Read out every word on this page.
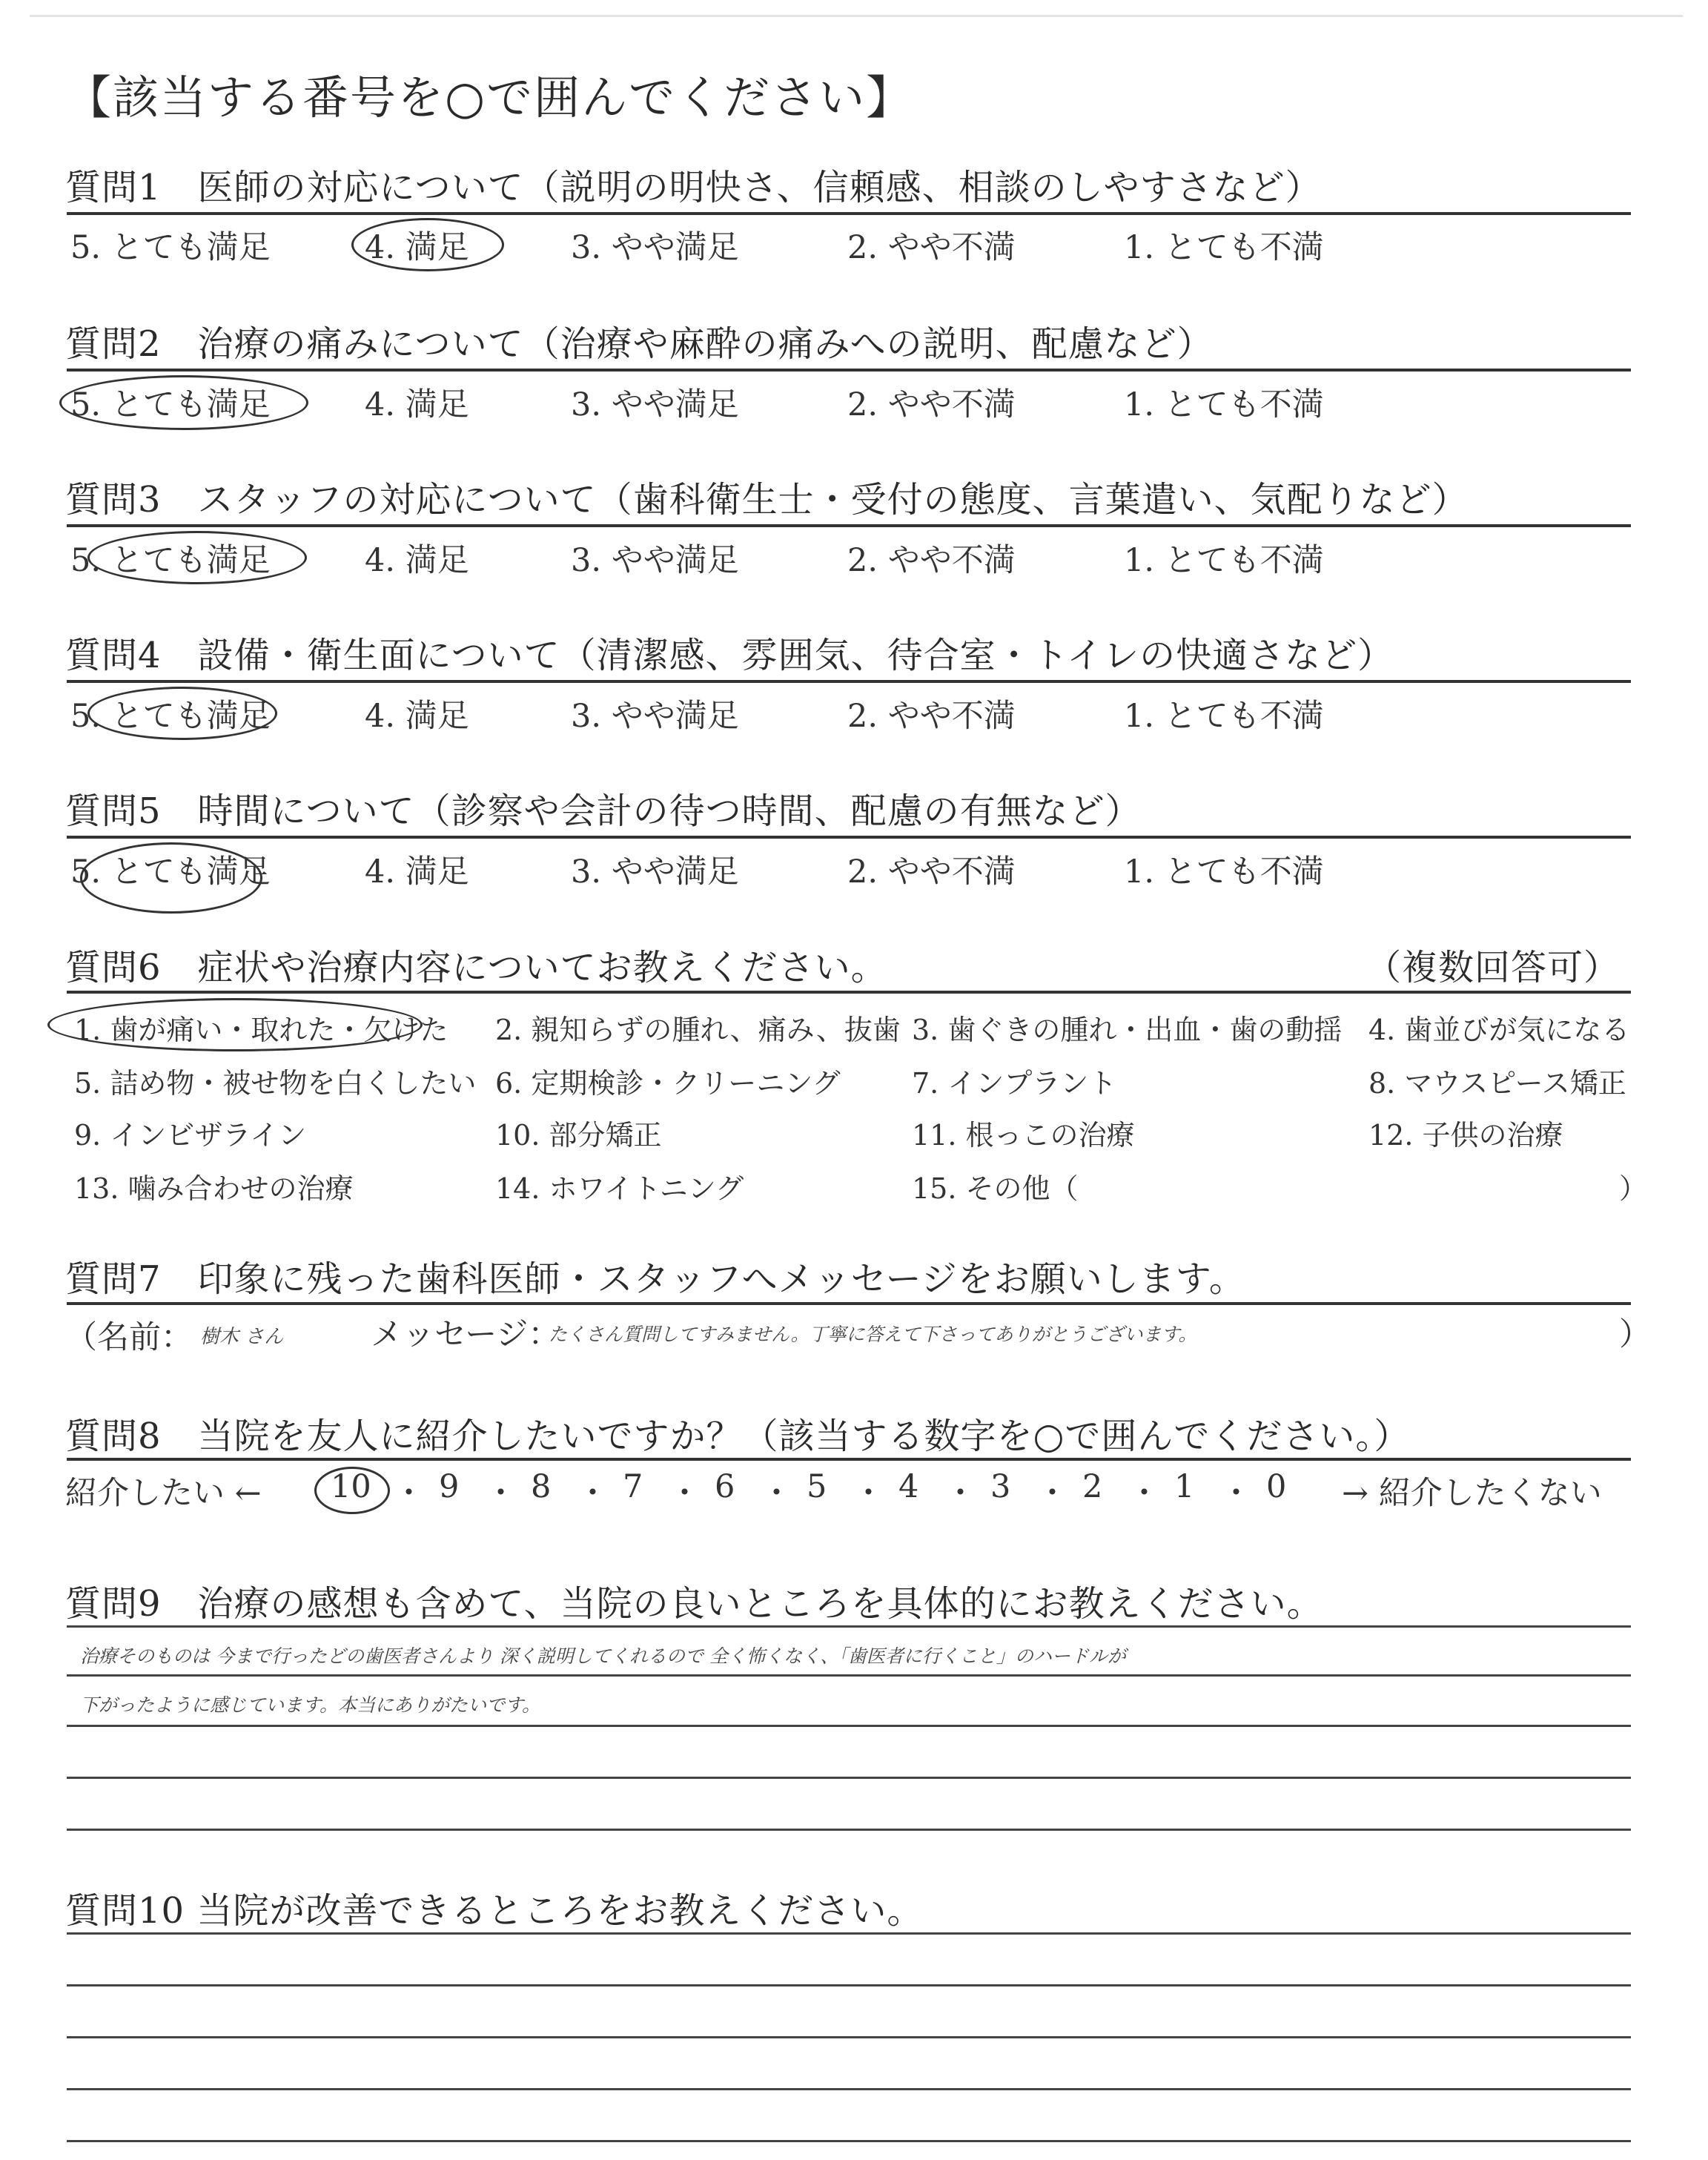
【該当する番号を○で囲んでください】
質問1　医師の対応について（説明の明快さ、信頼感、相談のしやすさなど）
5. とても満足	4. 満足	3. やや満足	2. やや不満	1. とても不満
質問2　治療の痛みについて（治療や麻酔の痛みへの説明、配慮など）
5. とても満足	4. 満足	3. やや満足	2. やや不満	1. とても不満
質問3　スタッフの対応について（歯科衛生士・受付の態度、言葉遣い、気配りなど）
5. とても満足	4. 満足	3. やや満足	2. やや不満	1. とても不満
質問4　設備・衛生面について（清潔感、雰囲気、待合室・トイレの快適さなど）
5. とても満足	4. 満足	3. やや満足	2. やや不満	1. とても不満
質問5　時間について（診察や会計の待つ時間、配慮の有無など）
5. とても満足	4. 満足	3. やや満足	2. やや不満	1. とても不満
質問6　症状や治療内容についてお教えください。	（複数回答可）
1. 歯が痛い・取れた・欠けた 2. 親知らずの腫れ、痛み、抜歯 3. 歯ぐきの腫れ・出血・歯の動揺 4. 歯並びが気になる
5. 詰め物・被せ物を白くしたい 6. 定期検診・クリーニング	7. インプラント	8. マウスピース矯正
9. インビザライン	10. 部分矯正	11. 根っこの治療	12. 子供の治療
13. 噛み合わせの治療	14. ホワイトニング	15. その他（	）
質問7　印象に残った歯科医師・スタッフへメッセージをお願いします。
（名前： 樹木 さん	メッセージ：
たくさん質問してすみません。丁寧に答えて下さってありがとうございます。	）
質問8　当院を友人に紹介したいですか？（該当する数字を○で囲んでください。）
紹介したい ←	→ 紹介したくない
10 ・ 9 ・ 8 ・ 7 ・ 6 ・ 5 ・ 4 ・ 3 ・ 2 ・ 1 ・ 0
質問9　治療の感想も含めて、当院の良いところを具体的にお教えください。
治療そのものは 今まで行ったどの歯医者さんより 深く説明してくれるので 全く怖くなく、「歯医者に行くこと」のハードルが
下がったように感じています。本当にありがたいです。
質問10 当院が改善できるところをお教えください。
